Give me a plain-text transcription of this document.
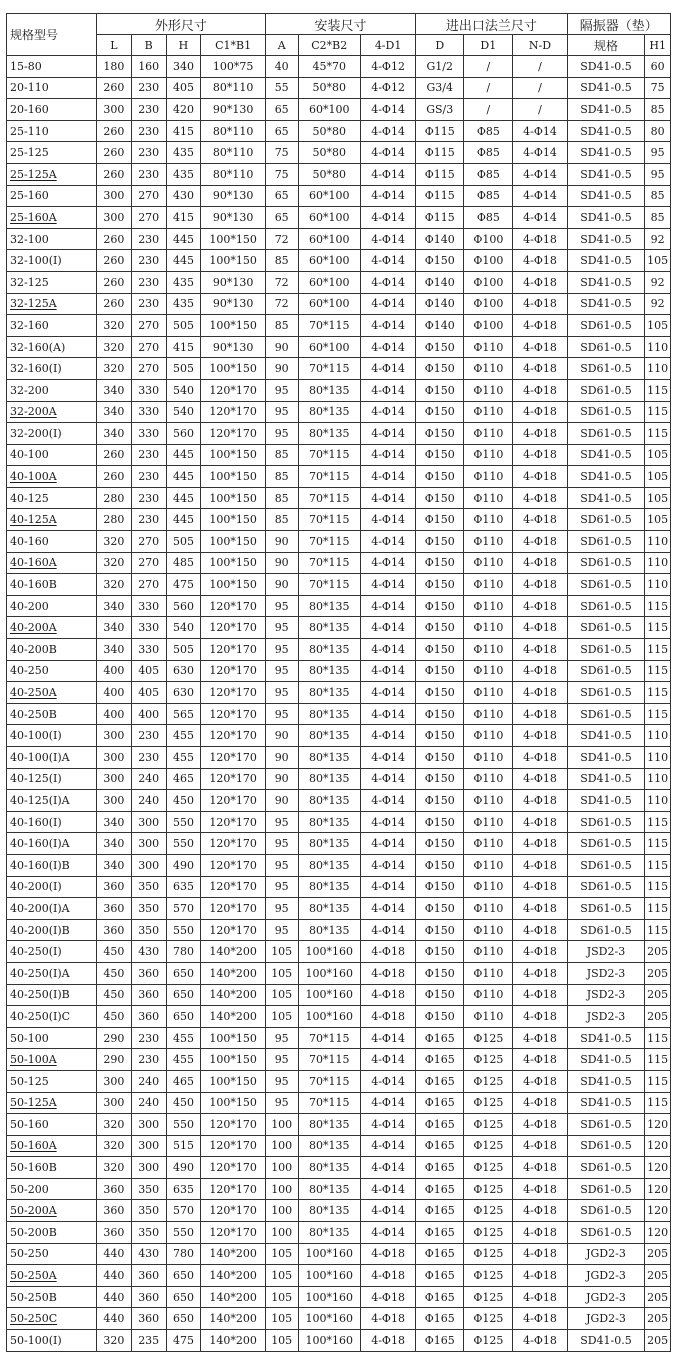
规格型号	外形尺寸				安装尺寸			进出口法兰尺寸			隔振器（垫）	
	L	B	H	C1*B1	A	C2*B2	4-D1	D	D1	N-D	规格	H1
15-80	180	160	340	100*75	40	45*70	4-Φ12	G1/2	/	/	SD41-0.5	60
20-110	260	230	405	80*110	55	50*80	4-Φ12	G3/4	/	/	SD41-0.5	75
20-160	300	230	420	90*130	65	60*100	4-Φ14	GS/3	/	/	SD41-0.5	85
25-110	260	230	415	80*110	65	50*80	4-Φ14	Φ115	Φ85	4-Φ14	SD41-0.5	80
25-125	260	230	435	80*110	75	50*80	4-Φ14	Φ115	Φ85	4-Φ14	SD41-0.5	95
25-125A	260	230	435	80*110	75	50*80	4-Φ14	Φ115	Φ85	4-Φ14	SD41-0.5	95
25-160	300	270	430	90*130	65	60*100	4-Φ14	Φ115	Φ85	4-Φ14	SD41-0.5	85
25-160A	300	270	415	90*130	65	60*100	4-Φ14	Φ115	Φ85	4-Φ14	SD41-0.5	85
32-100	260	230	445	100*150	72	60*100	4-Φ14	Φ140	Φ100	4-Φ18	SD41-0.5	92
32-100(I)	260	230	445	100*150	85	60*100	4-Φ14	Φ150	Φ100	4-Φ18	SD41-0.5	105
32-125	260	230	435	90*130	72	60*100	4-Φ14	Φ140	Φ100	4-Φ18	SD41-0.5	92
32-125A	260	230	435	90*130	72	60*100	4-Φ14	Φ140	Φ100	4-Φ18	SD41-0.5	92
32-160	320	270	505	100*150	85	70*115	4-Φ14	Φ140	Φ100	4-Φ18	SD61-0.5	105
32-160(A)	320	270	415	90*130	90	60*100	4-Φ14	Φ150	Φ110	4-Φ18	SD61-0.5	110
32-160(I)	320	270	505	100*150	90	70*115	4-Φ14	Φ150	Φ110	4-Φ18	SD61-0.5	110
32-200	340	330	540	120*170	95	80*135	4-Φ14	Φ150	Φ110	4-Φ18	SD61-0.5	115
32-200A	340	330	540	120*170	95	80*135	4-Φ14	Φ150	Φ110	4-Φ18	SD61-0.5	115
32-200(I)	340	330	560	120*170	95	80*135	4-Φ14	Φ150	Φ110	4-Φ18	SD61-0.5	115
40-100	260	230	445	100*150	85	70*115	4-Φ14	Φ150	Φ110	4-Φ18	SD41-0.5	105
40-100A	260	230	445	100*150	85	70*115	4-Φ14	Φ150	Φ110	4-Φ18	SD41-0.5	105
40-125	280	230	445	100*150	85	70*115	4-Φ14	Φ150	Φ110	4-Φ18	SD41-0.5	105
40-125A	280	230	445	100*150	85	70*115	4-Φ14	Φ150	Φ110	4-Φ18	SD61-0.5	105
40-160	320	270	505	100*150	90	70*115	4-Φ14	Φ150	Φ110	4-Φ18	SD61-0.5	110
40-160A	320	270	485	100*150	90	70*115	4-Φ14	Φ150	Φ110	4-Φ18	SD61-0.5	110
40-160B	320	270	475	100*150	90	70*115	4-Φ14	Φ150	Φ110	4-Φ18	SD61-0.5	110
40-200	340	330	560	120*170	95	80*135	4-Φ14	Φ150	Φ110	4-Φ18	SD61-0.5	115
40-200A	340	330	540	120*170	95	80*135	4-Φ14	Φ150	Φ110	4-Φ18	SD61-0.5	115
40-200B	340	330	505	120*170	95	80*135	4-Φ14	Φ150	Φ110	4-Φ18	SD61-0.5	115
40-250	400	405	630	120*170	95	80*135	4-Φ14	Φ150	Φ110	4-Φ18	SD61-0.5	115
40-250A	400	405	630	120*170	95	80*135	4-Φ14	Φ150	Φ110	4-Φ18	SD61-0.5	115
40-250B	400	400	565	120*170	95	80*135	4-Φ14	Φ150	Φ110	4-Φ18	SD61-0.5	115
40-100(I)	300	230	455	120*170	90	80*135	4-Φ14	Φ150	Φ110	4-Φ18	SD41-0.5	110
40-100(I)A	300	230	455	120*170	90	80*135	4-Φ14	Φ150	Φ110	4-Φ18	SD41-0.5	110
40-125(I)	300	240	465	120*170	90	80*135	4-Φ14	Φ150	Φ110	4-Φ18	SD41-0.5	110
40-125(I)A	300	240	450	120*170	90	80*135	4-Φ14	Φ150	Φ110	4-Φ18	SD41-0.5	110
40-160(I)	340	300	550	120*170	95	80*135	4-Φ14	Φ150	Φ110	4-Φ18	SD61-0.5	115
40-160(I)A	340	300	550	120*170	95	80*135	4-Φ14	Φ150	Φ110	4-Φ18	SD61-0.5	115
40-160(I)B	340	300	490	120*170	95	80*135	4-Φ14	Φ150	Φ110	4-Φ18	SD61-0.5	115
40-200(I)	360	350	635	120*170	95	80*135	4-Φ14	Φ150	Φ110	4-Φ18	SD61-0.5	115
40-200(I)A	360	350	570	120*170	95	80*135	4-Φ14	Φ150	Φ110	4-Φ18	SD61-0.5	115
40-200(I)B	360	350	550	120*170	95	80*135	4-Φ14	Φ150	Φ110	4-Φ18	SD61-0.5	115
40-250(I)	450	430	780	140*200	105	100*160	4-Φ18	Φ150	Φ110	4-Φ18	JSD2-3	205
40-250(I)A	450	360	650	140*200	105	100*160	4-Φ18	Φ150	Φ110	4-Φ18	JSD2-3	205
40-250(I)B	450	360	650	140*200	105	100*160	4-Φ18	Φ150	Φ110	4-Φ18	JSD2-3	205
40-250(I)C	450	360	650	140*200	105	100*160	4-Φ18	Φ150	Φ110	4-Φ18	JSD2-3	205
50-100	290	230	455	100*150	95	70*115	4-Φ14	Φ165	Φ125	4-Φ18	SD41-0.5	115
50-100A	290	230	455	100*150	95	70*115	4-Φ14	Φ165	Φ125	4-Φ18	SD41-0.5	115
50-125	300	240	465	100*150	95	70*115	4-Φ14	Φ165	Φ125	4-Φ18	SD41-0.5	115
50-125A	300	240	450	100*150	95	70*115	4-Φ14	Φ165	Φ125	4-Φ18	SD41-0.5	115
50-160	320	300	550	120*170	100	80*135	4-Φ14	Φ165	Φ125	4-Φ18	SD61-0.5	120
50-160A	320	300	515	120*170	100	80*135	4-Φ14	Φ165	Φ125	4-Φ18	SD61-0.5	120
50-160B	320	300	490	120*170	100	80*135	4-Φ14	Φ165	Φ125	4-Φ18	SD61-0.5	120
50-200	360	350	635	120*170	100	80*135	4-Φ14	Φ165	Φ125	4-Φ18	SD61-0.5	120
50-200A	360	350	570	120*170	100	80*135	4-Φ14	Φ165	Φ125	4-Φ18	SD61-0.5	120
50-200B	360	350	550	120*170	100	80*135	4-Φ14	Φ165	Φ125	4-Φ18	SD61-0.5	120
50-250	440	430	780	140*200	105	100*160	4-Φ18	Φ165	Φ125	4-Φ18	JGD2-3	205
50-250A	440	360	650	140*200	105	100*160	4-Φ18	Φ165	Φ125	4-Φ18	JGD2-3	205
50-250B	440	360	650	140*200	105	100*160	4-Φ18	Φ165	Φ125	4-Φ18	JGD2-3	205
50-250C	440	360	650	140*200	105	100*160	4-Φ18	Φ165	Φ125	4-Φ18	JGD2-3	205
50-100(I)	320	235	475	140*200	105	100*160	4-Φ18	Φ165	Φ125	4-Φ18	SD41-0.5	205
